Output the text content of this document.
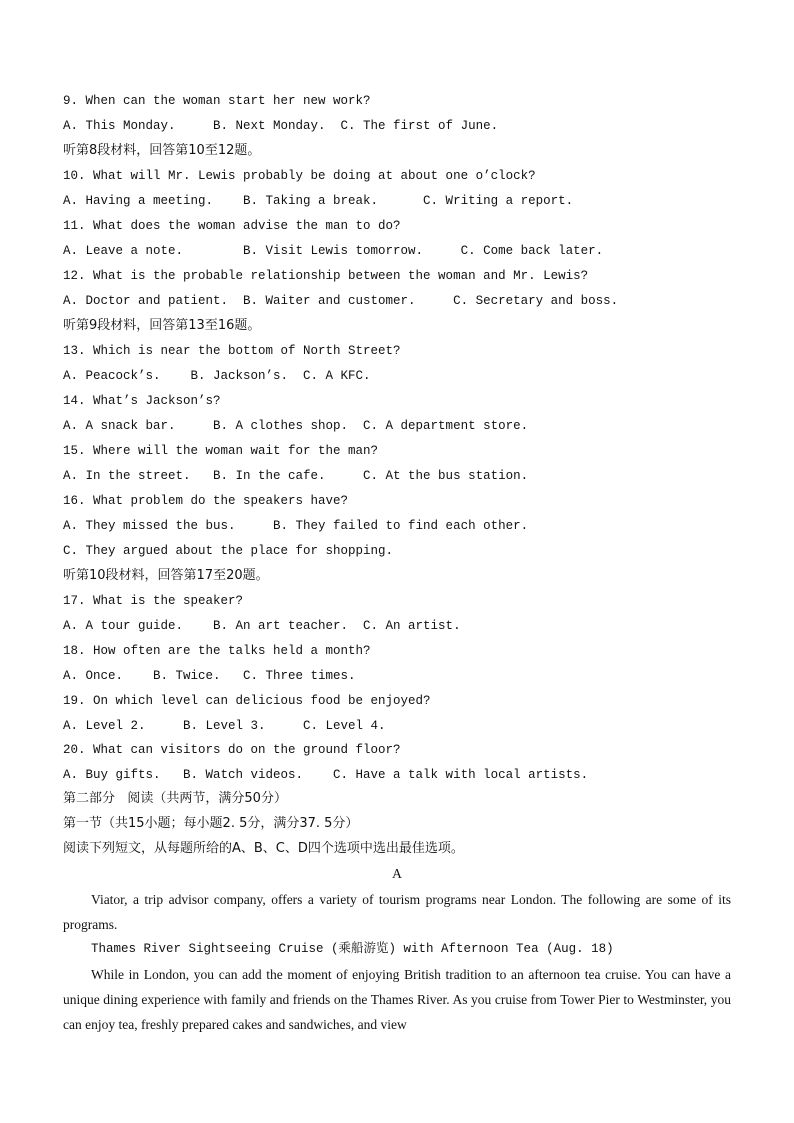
9. When can the woman start her new work?

A. This Monday.     B. Next Monday.  C. The first of June.

听第8段材料，回答第10至12题。

10. What will Mr. Lewis probably be doing at about one o’clock?

A. Having a meeting.    B. Taking a break.      C. Writing a report.

11. What does the woman advise the man to do?

A. Leave a note.        B. Visit Lewis tomorrow.     C. Come back later.

12. What is the probable relationship between the woman and Mr. Lewis?

A. Doctor and patient.  B. Waiter and customer.     C. Secretary and boss.

听第9段材料，回答第13至16题。

13. Which is near the bottom of North Street?

A. Peacock’s.    B. Jackson’s.  C. A KFC.

14. What’s Jackson’s?

A. A snack bar.     B. A clothes shop.  C. A department store.

15. Where will the woman wait for the man?

A. In the street.   B. In the cafe.     C. At the bus station.

16. What problem do the speakers have?

A. They missed the bus.     B. They failed to find each other.

C. They argued about the place for shopping.

听第10段材料，回答第17至20题。

17. What is the speaker?

A. A tour guide.    B. An art teacher.  C. An artist.

18. How often are the talks held a month?

A. Once.    B. Twice.   C. Three times.

19. On which level can delicious food be enjoyed?

A. Level 2.     B. Level 3.     C. Level 4.

20. What can visitors do on the ground floor?

A. Buy gifts.   B. Watch videos.    C. Have a talk with local artists.

第二部分   阅读（共两节，满分50分）

第一节（共15小题；每小题2. 5分，满分37. 5分）

阅读下列短文，从每题所给的A、B、C、D四个选项中选出最佳选项。

A

Viator, a trip advisor company, offers a variety of tourism programs near London. The following are some of its programs.

Thames River Sightseeing Cruise (乘船游览) with Afternoon Tea (Aug. 18)

While in London, you can add the moment of enjoying British tradition to an afternoon tea cruise. You can have a unique dining experience with family and friends on the Thames River. As you cruise from Tower Pier to Westminster, you can enjoy tea, freshly prepared cakes and sandwiches, and view
